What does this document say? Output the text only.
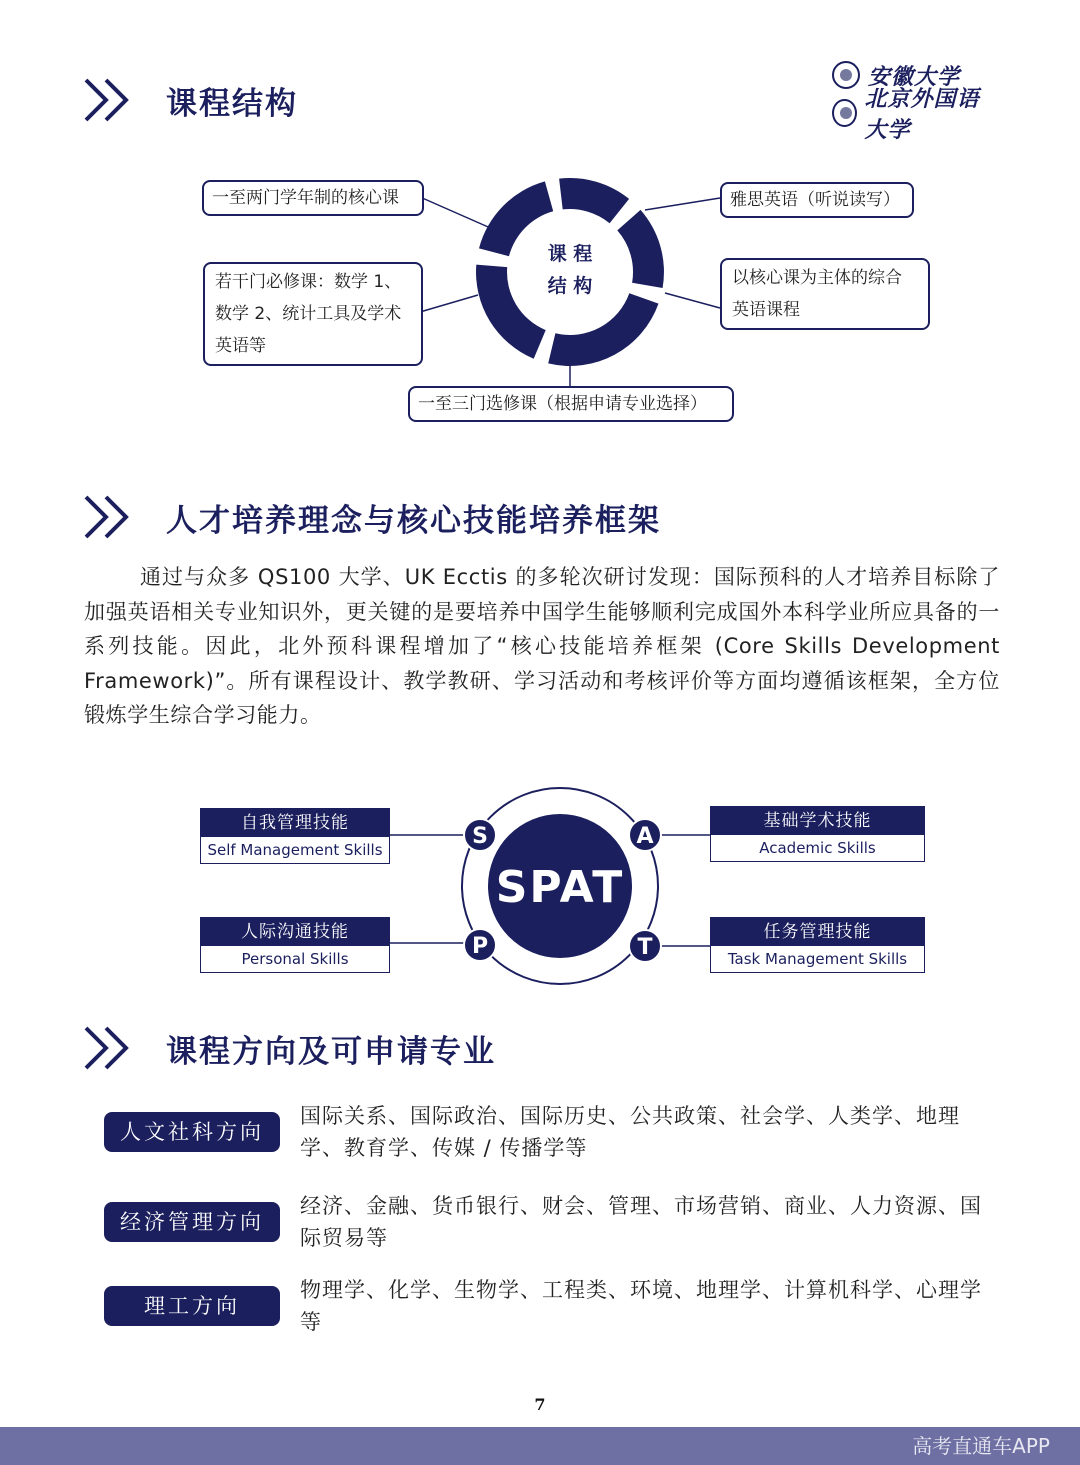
安徽大学
北京外国语大学
课程结构
课 程
结 构
一至两门学年制的核心课
若干门必修课：数学 1、数学 2、统计工具及学术英语等
一至三门选修课（根据申请专业选择）
雅思英语（听说读写）
以核心课为主体的综合英语课程
人才培养理念与核心技能培养框架

通过与众多 QS100 大学、UK Ecctis 的多轮次研讨发现：国际预科的人才培养目标除了加强英语相关专业知识外，更关键的是要培养中国学生能够顺利完成国外本科学业所应具备的一系列技能。因此，北外预科课程增加了“核心技能培养框架 (Core Skills Development Framework)”。所有课程设计、教学教研、学习活动和考核评价等方面均遵循该框架，全方位锻炼学生综合学习能力。

SPAT
S	A
P	T
自我管理技能
Self Management Skills
基础学术技能
Academic Skills
人际沟通技能
Personal Skills
任务管理技能
Task Management Skills
课程方向及可申请专业
人文社科方向
国际关系、国际政治、国际历史、公共政策、社会学、人类学、地理学、教育学、传媒 / 传播学等
经济管理方向
经济、金融、货币银行、财会、管理、市场营销、商业、人力资源、国际贸易等
理工方向
物理学、化学、生物学、工程类、环境、地理学、计算机科学、心理学等
7
高考直通车APP
